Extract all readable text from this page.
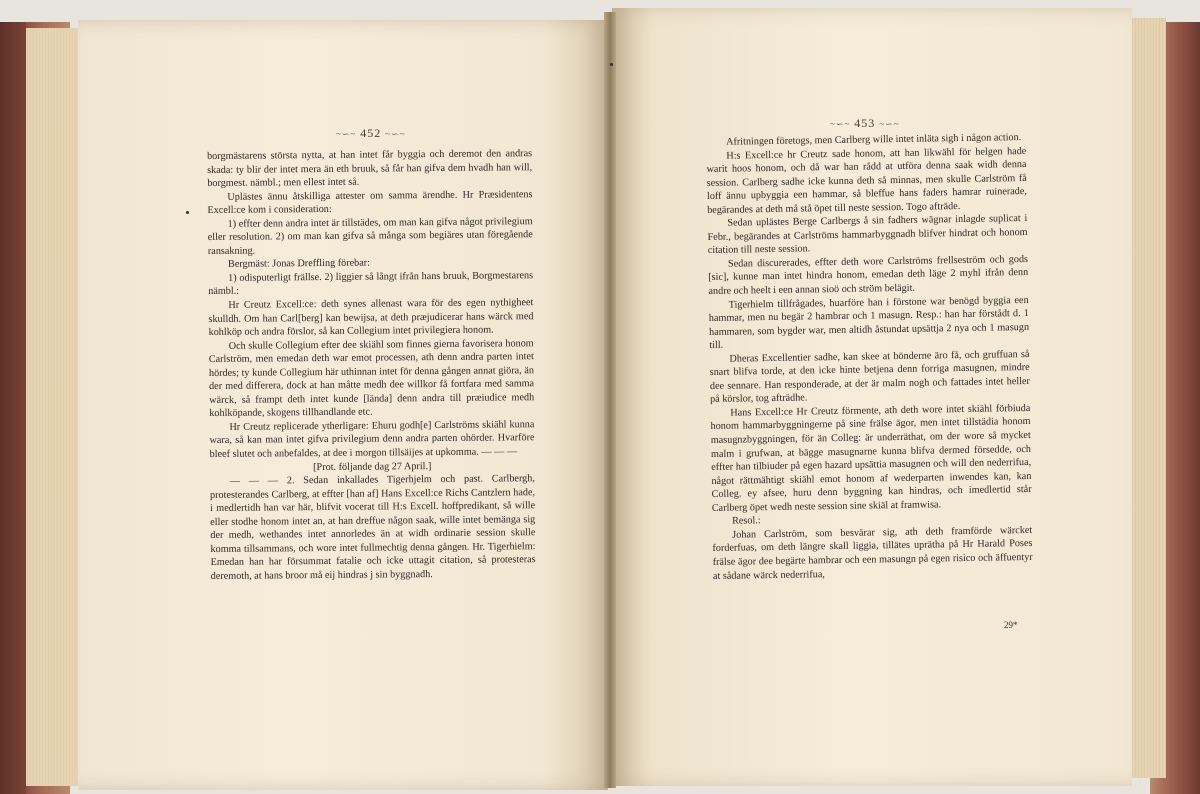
~∽~ 452 ~∽~
~∽~ 453 ~∽~

borgmästarens största nytta, at han intet får byggia och deremot den andras skada: ty blir der intet mera än eth bruuk, så får han gifva dem hvadh han will, borgmest. nämbl.; men ellest intet så.

Uplästes ännu åtskilliga attester om samma ärendhe. Hr Præsidentens Excell:ce kom i consideration:

1) effter denn andra intet är tillstädes, om man kan gifva något privilegium eller resolution. 2) om man kan gifva så många som begiäres utan föregående ransakning.

Bergmäst: Jonas Dreffling förebar:

1) odisputerligt frällse. 2) liggier så långt ifrån hans bruuk, Borgmestarens nämbl.:

Hr Creutz Excell:ce: deth synes allenast wara för des egen nythigheet skulldh. Om han Carl[berg] kan bewijsa, at deth præjudicerar hans wärck med kohlköp och andra förslor, så kan Collegium intet privilegiera honom.

Och skulle Collegium efter dee skiähl som finnes gierna favorisera honom Carlström, men emedan deth war emot processen, ath denn andra parten intet hördes; ty kunde Collegium här uthinnan intet för denna gången annat giöra, än der med differera, dock at han måtte medh dee willkor få fortfara med samma wärck, så frampt deth intet kunde [lända] denn andra till præiudice medh kohlköpande, skogens tillhandlande etc.

Hr Creutz replicerade ytherligare: Ehuru godh[e] Carlströms skiähl kunna wara, så kan man intet gifva privilegium denn andra parten ohörder. Hvarföre bleef slutet och anbefaldes, at dee i morgon tillsäijes at upkomma. — — —

[Prot. följande dag 27 April.]

— — — 2. Sedan inkallades Tigerhjelm och past. Carlbergh, protesterandes Carlberg, at effter [han af] Hans Excell:ce Richs Cantzlern hade, i medlertidh han var här, blifvit vocerat till H:s Excell. hoffpredikant, så wille eller stodhe honom intet an, at han dreffue någon saak, wille intet bemänga sig der medh, wethandes intet annorledes än at widh ordinarie session skulle komma tillsammans, och wore intet fullmechtig denna gången. Hr. Tigerhielm: Emedan han har försummat fatalie och icke uttagit citation, så protesteras deremoth, at hans broor må eij hindras j sin byggnadh.

Afritningen företogs, men Carlberg wille intet inläta sigh i någon action.

H:s Excell:ce hr Creutz sade honom, att han likwähl för helgen hade warit hoos honom, och då war han rådd at utföra denna saak widh denna session. Carlberg sadhe icke kunna deth så minnas, men skulle Carlström få loff ännu upbyggia een hammar, så bleffue hans faders hamrar ruinerade, begärandes at deth må stå öpet till neste session. Togo afträde.

Sedan uplästes Berge Carlbergs å sin fadhers wägnar inlagde suplicat i Febr., begärandes at Carlströms hammarbyggnadh blifver hindrat och honom citation till neste session.

Sedan discurerades, effter deth wore Carlströms frellseström och gods [sic], kunne man intet hindra honom, emedan deth läge 2 myhl ifrån denn andre och heelt i een annan sioö och ström belägit.

Tigerhielm tillfrågades, huarföre han i förstone war benögd byggia een hammar, men nu begär 2 hambrar och 1 masugn. Resp.: han har förstådt d. 1 hammaren, som bygder war, men altidh åstundat upsättja 2 nya och 1 masugn till.

Dheras Excellentier sadhe, kan skee at bönderne äro få, och gruffuan så snart blifva torde, at den icke hinte betjena denn forriga masugnen, mindre dee sennare. Han responderade, at der är malm nogh och fattades intet heller på körslor, tog afträdhe.

Hans Excell:ce Hr Creutz förmente, ath deth wore intet skiähl förbiuda honom hammarbyggningerne på sine frälse ägor, men intet tillstädia honom masugnzbyggningen, för än Colleg: är underräthat, om der wore så mycket malm i grufwan, at bägge masugnarne kunna blifva dermed försedde, och effter han tilbiuder på egen hazard upsättia masugnen och will den nederrifua, något rättmähtigt skiähl emot honom af wederparten inwendes kan, kan Colleg. ey afsee, huru denn byggning kan hindras, och imedlertid står Carlberg öpet wedh neste session sine skiäl at framwisa.

Resol.:

Johan Carlström, som besvärar sig, ath deth framförde wärcket forderfuas, om deth längre skall liggia, tillätes upräthа på Hr Harald Poses frälse ägor dee begärte hambrar och een masungn på egen risico och äffuentyr at sådane wärck nederrifua,

29*
